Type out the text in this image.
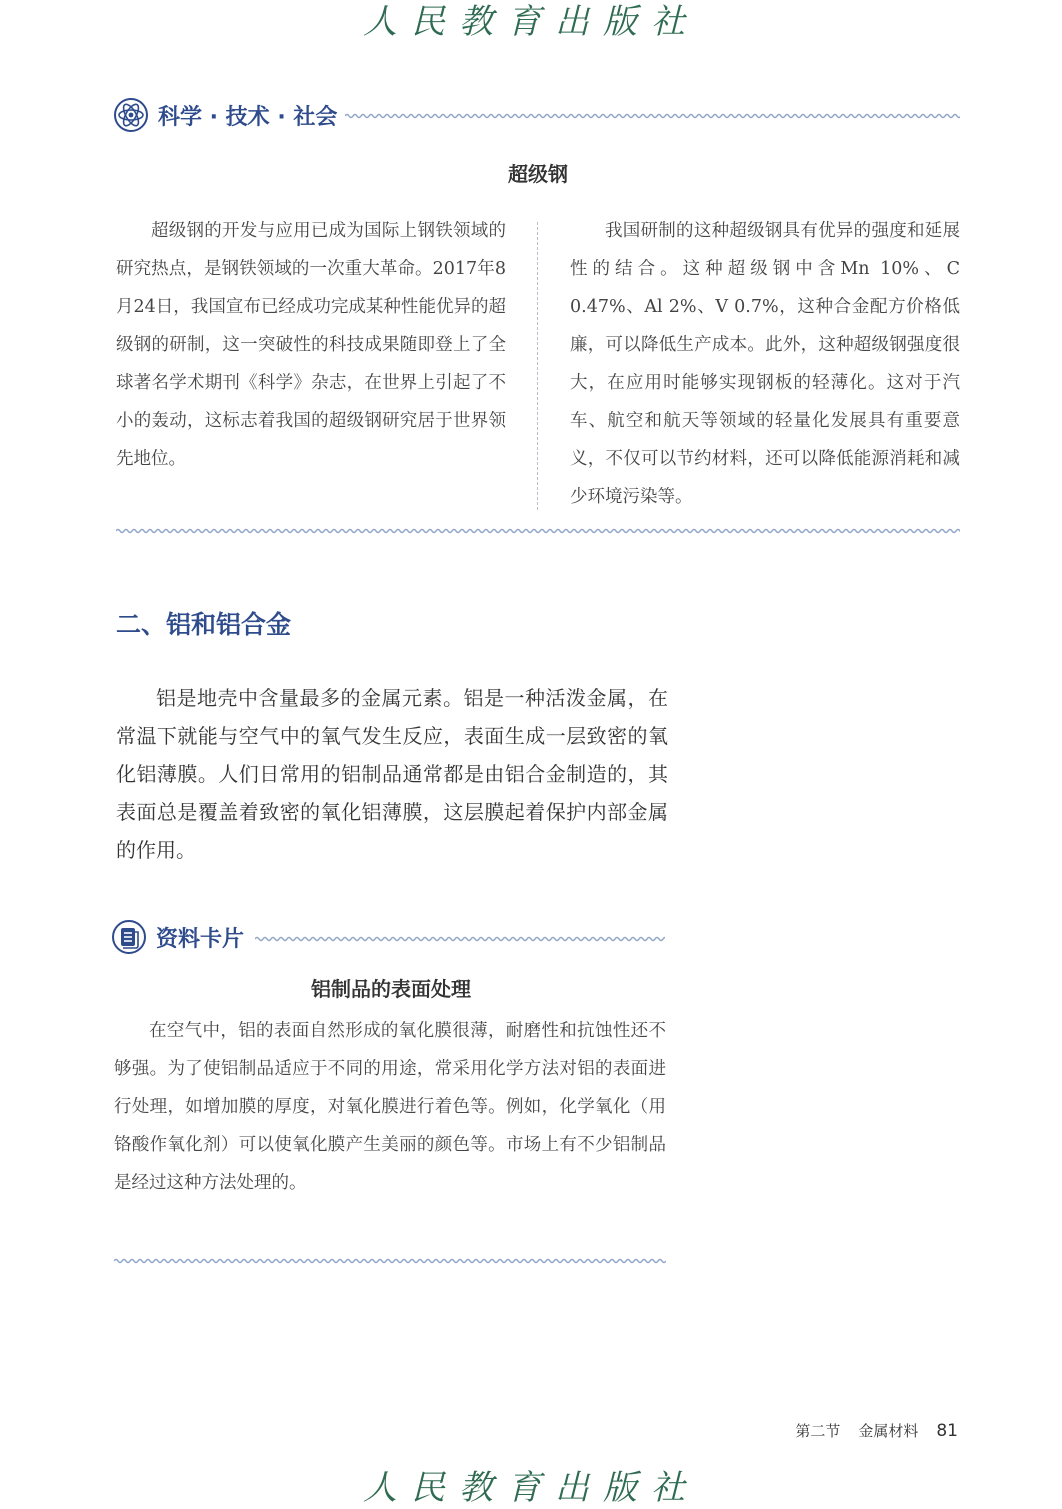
人民教育出版社
科学 · 技术 · 社会
超级钢

超级钢的开发与应用已成为国际上钢铁领域的研究热点，是钢铁领域的一次重大革命。2017年8月24日，我国宣布已经成功完成某种性能优异的超级钢的研制，这一突破性的科技成果随即登上了全球著名学术期刊《科学》杂志，在世界上引起了不小的轰动，这标志着我国的超级钢研究居于世界领先地位。

我国研制的这种超级钢具有优异的强度和延展性的结合。这种超级钢中含Mn 10%、C 0.47%、Al 2%、V 0.7%，这种合金配方价格低廉，可以降低生产成本。此外，这种超级钢强度很大，在应用时能够实现钢板的轻薄化。这对于汽车、航空和航天等领域的轻量化发展具有重要意义，不仅可以节约材料，还可以降低能源消耗和减少环境污染等。

二、铝和铝合金

铝是地壳中含量最多的金属元素。铝是一种活泼金属，在常温下就能与空气中的氧气发生反应，表面生成一层致密的氧化铝薄膜。人们日常用的铝制品通常都是由铝合金制造的，其表面总是覆盖着致密的氧化铝薄膜，这层膜起着保护内部金属的作用。

资料卡片
铝制品的表面处理

在空气中，铝的表面自然形成的氧化膜很薄，耐磨性和抗蚀性还不够强。为了使铝制品适应于不同的用途，常采用化学方法对铝的表面进行处理，如增加膜的厚度，对氧化膜进行着色等。例如，化学氧化（用铬酸作氧化剂）可以使氧化膜产生美丽的颜色等。市场上有不少铝制品是经过这种方法处理的。

第二节 金属材料 81
人民教育出版社
